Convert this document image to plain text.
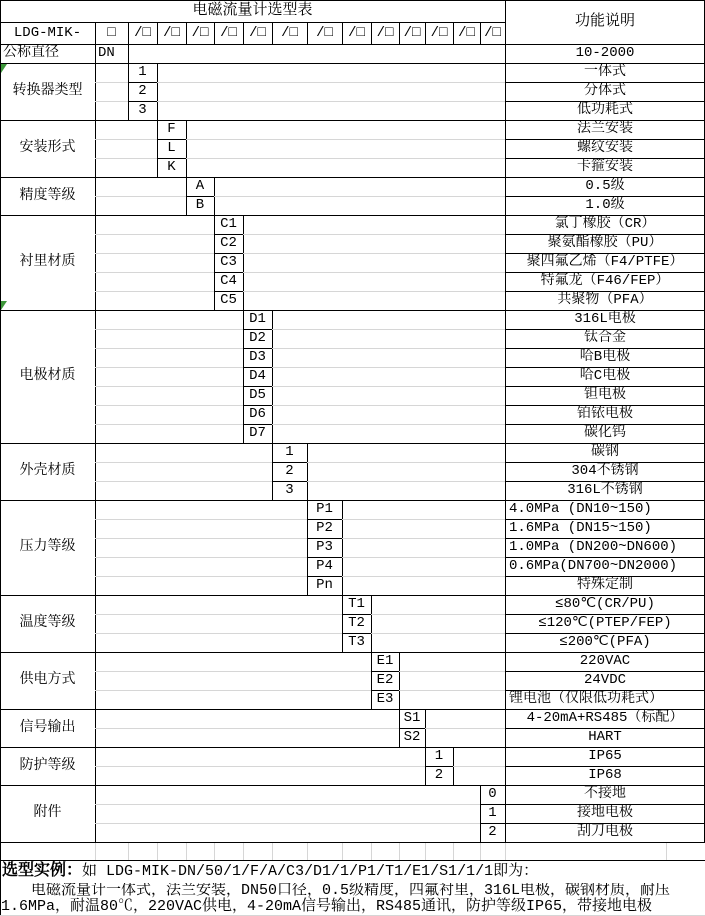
电磁流量计选型表
功能说明
LDG-MIK-
选型实例：如 LDG-MIK-DN/50/1/F/A/C3/D1/1/P1/T1/E1/S1/1/1即为：
电磁流量计一体式，法兰安装，DN50口径，0.5级精度，四氟衬里，316L电极，碳钢材质，耐压1.6MPa，耐温80℃，220VAC供电，4-20mA信号输出，RS485通讯，防护等级IP65，带接地电极
□	/□ /□ /□ /□ /□	/□	/□	/□ /□ /□ /□ /□ /□
公称直径	DN	10-2000
转换器类型
1	一体式
2	分体式
3	低功耗式
安装形式
F	法兰安装
L	螺纹安装
K	卡箍安装
精度等级
A	0.5级
B	1.0级
衬里材质
C1	氯丁橡胶（CR）
C2	聚氨酯橡胶（PU）
C3	聚四氟乙烯（F4/PTFE）
C4	特氟龙（F46/FEP）
C5	共聚物（PFA）
电极材质
D1	316L电极
D2	钛合金
D3	哈B电极
D4	哈C电极
D5	钽电极
D6	铂铱电极
D7	碳化钨
外壳材质
1	碳钢
2	304不锈钢
3	316L不锈钢
压力等级
P1	4.0MPa (DN10~150)
P2	1.6MPa (DN15~150)
P3	1.0MPa (DN200~DN600)
P4	0.6MPa(DN700~DN2000)
Pn	特殊定制
温度等级
T1	≤80℃(CR/PU)
T2	≤120℃(PTEP/FEP)
T3	≤200℃(PFA)
供电方式
E1	220VAC
E2	24VDC
E3	锂电池（仅限低功耗式）
信号输出
S1	4-20mA+RS485（标配）
S2	HART
防护等级
1	IP65
2	IP68
附件
0	不接地
1	接地电极
2	刮刀电极
